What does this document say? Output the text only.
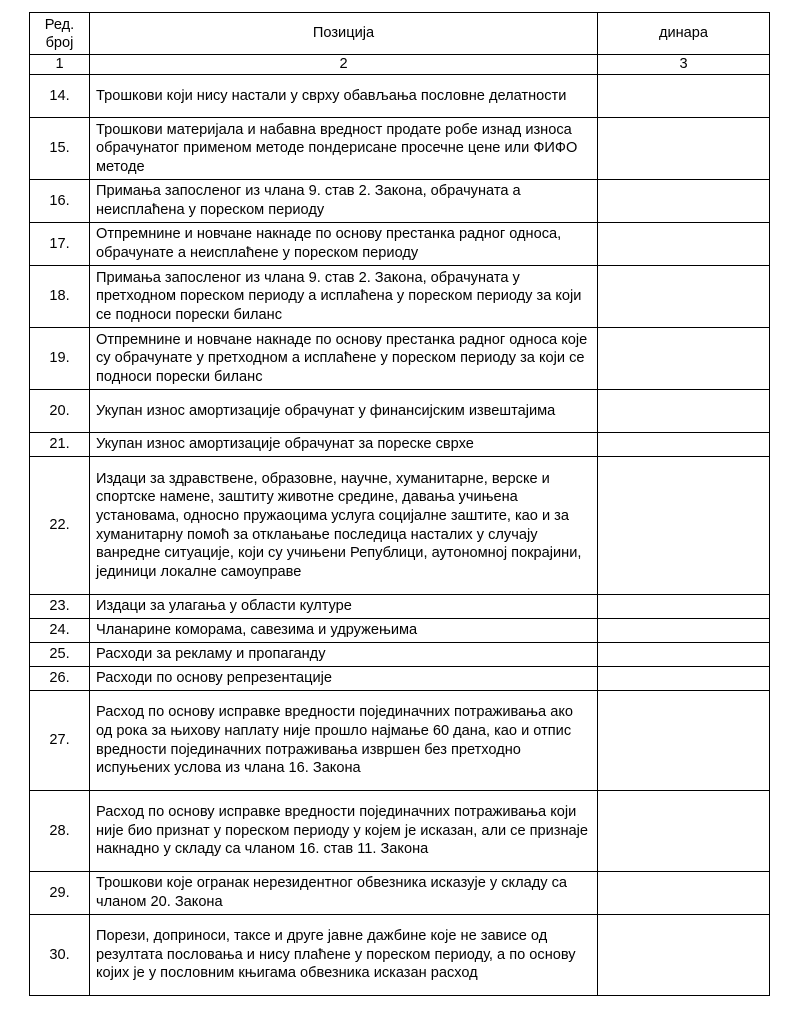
Ред. број	Позиција	динара
1	2	3
14.	Трошкови који нису настали у сврху обављања пословне делатности	
15.	Трошкови материјала и набавна вредност продате робе изнад износа обрачунатог применом методе пондерисане просечне цене или ФИФО методе	
16.	Примања запосленог из члана 9. став 2. Закона, обрачуната а неисплаћена у пореском периоду	
17.	Отпремнине и новчане накнаде по основу престанка радног односа, обрачунате а неисплаћене у пореском периоду	
18.	Примања запосленог из члана 9. став 2. Закона, обрачуната у претходном пореском периоду а исплаћена у пореском периоду за који се подноси порески биланс	
19.	Отпремнине и новчане накнаде по основу престанка радног односа које су обрачунате у претходном а исплаћене у пореском периоду за који се подноси порески биланс	
20.	Укупан износ амортизације обрачунат у финансијским извештајима	
21.	Укупан износ амортизације обрачунат за пореске сврхе	
22.	Издаци за здравствене, образовне, научне, хуманитарне, верске и спортске намене, заштиту животне средине, давања учињена установама, односно пружаоцима услуга социјалне заштите, као и за хуманитарну помоћ за отклањање последица насталих у случају ванредне ситуације, који су учињени Републици, аутономној покрајини, јединици локалне самоуправе	
23.	Издаци за улагања у области културе	
24.	Чланарине коморама, савезима и удружењима	
25.	Расходи за рекламу и пропаганду	
26.	Расходи по основу репрезентације	
27.	Расход по основу исправке вредности појединачних потраживања ако од рока за њихову наплату није прошло најмање 60 дана, као и отпис вредности појединачних потраживања извршен без претходно испуњених услова из члана 16. Закона	
28.	Расход по основу исправке вредности појединачних потраживања који није био признат у пореском периоду у којем је исказан, али се признаје накнадно у складу са чланом 16. став 11. Закона	
29.	Трошкови које огранак нерезидентног обвезника исказује у складу са чланом 20. Закона	
30.	Порези, доприноси, таксе и друге јавне дажбине које не зависе од резултата пословања и нису плаћене у пореском периоду, а по основу којих је у пословним књигама обвезника исказан расход	
